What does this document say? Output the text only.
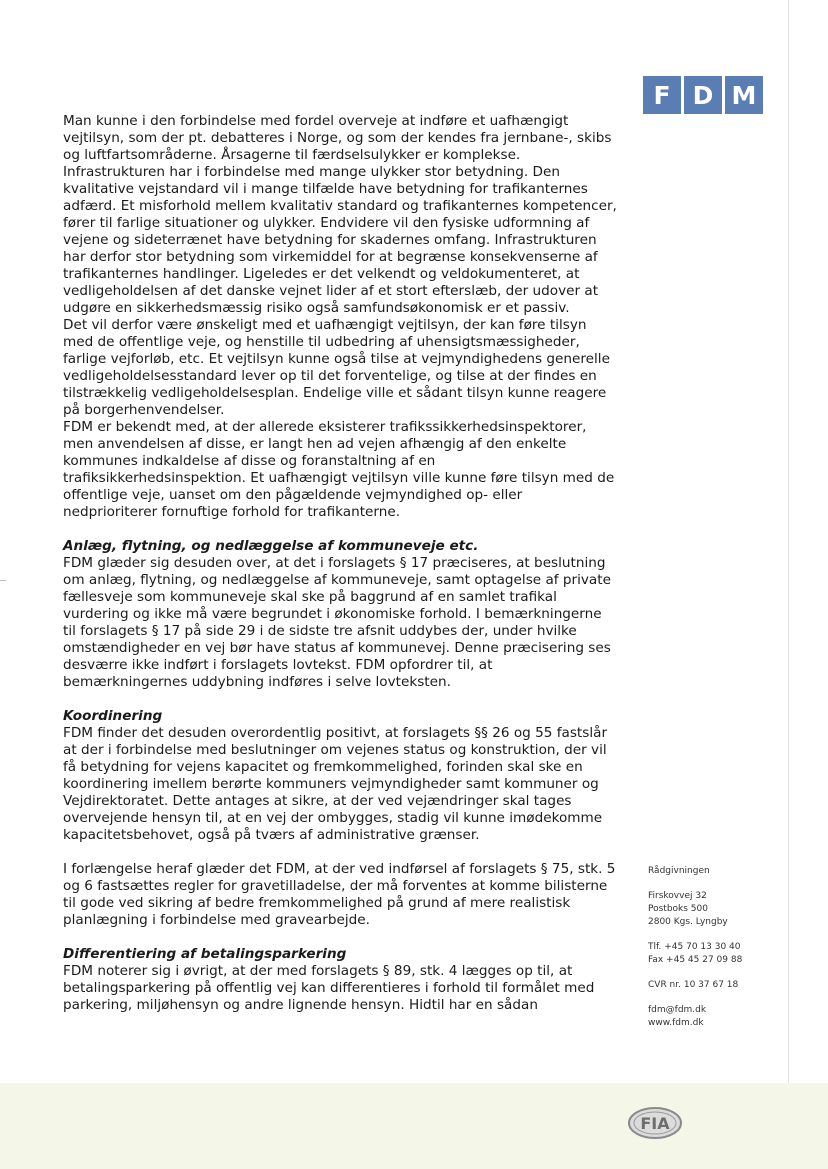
F D M

Man kunne i den forbindelse med fordel overveje at indføre et uafhængigt vejtilsyn, som der pt. debatteres i Norge, og som der kendes fra jernbane-, skibs og luftfartsområderne. Årsagerne til færdselsulykker er komplekse. Infrastrukturen har i forbindelse med mange ulykker stor betydning. Den kvalitative vejstandard vil i mange tilfælde have betydning for trafikanternes adfærd. Et misforhold mellem kvalitativ standard og trafikanternes kompetencer, fører til farlige situationer og ulykker. Endvidere vil den fysiske udformning af vejene og sideterrænet have betydning for skadernes omfang. Infrastrukturen har derfor stor betydning som virkemiddel for at begrænse konsekvenserne af trafikanternes handlinger. Ligeledes er det velkendt og veldokumenteret, at vedligeholdelsen af det danske vejnet lider af et stort efterslæb, der udover at udgøre en sikkerhedsmæssig risiko også samfundsøkonomisk er et passiv.

Det vil derfor være ønskeligt med et uafhængigt vejtilsyn, der kan føre tilsyn med de offentlige veje, og henstille til udbedring af uhensigtsmæssigheder, farlige vejforløb, etc. Et vejtilsyn kunne også tilse at vejmyndighedens generelle vedligeholdelsesstandard lever op til det forventelige, og tilse at der findes en tilstrækkelig vedligeholdelsesplan. Endelige ville et sådant tilsyn kunne reagere på borgerhenvendelser.

FDM er bekendt med, at der allerede eksisterer trafikssikkerhedsinspektorer, men anvendelsen af disse, er langt hen ad vejen afhængig af den enkelte kommunes indkaldelse af disse og foranstaltning af en trafiksikkerhedsinspektion. Et uafhængigt vejtilsyn ville kunne føre tilsyn med de offentlige veje, uanset om den pågældende vejmyndighed op- eller nedprioriterer fornuftige forhold for trafikanterne.

Anlæg, flytning, og nedlæggelse af kommuneveje etc.

FDM glæder sig desuden over, at det i forslagets § 17 præciseres, at beslutning om anlæg, flytning, og nedlæggelse af kommuneveje, samt optagelse af private fællesveje som kommuneveje skal ske på baggrund af en samlet trafikal vurdering og ikke må være begrundet i økonomiske forhold. I bemærkningerne til forslagets § 17 på side 29 i de sidste tre afsnit uddybes der, under hvilke omstændigheder en vej bør have status af kommunevej. Denne præcisering ses desværre ikke indført i forslagets lovtekst. FDM opfordrer til, at bemærkningernes uddybning indføres i selve lovteksten.

Koordinering

FDM finder det desuden overordentlig positivt, at forslagets §§ 26 og 55 fastslår at der i forbindelse med beslutninger om vejenes status og konstruktion, der vil få betydning for vejens kapacitet og fremkommelighed, forinden skal ske en koordinering imellem berørte kommuners vejmyndigheder samt kommuner og Vejdirektoratet. Dette antages at sikre, at der ved vejændringer skal tages overvejende hensyn til, at en vej der ombygges, stadig vil kunne imødekomme kapacitetsbehovet, også på tværs af administrative grænser.

I forlængelse heraf glæder det FDM, at der ved indførsel af forslagets § 75, stk. 5 og 6 fastsættes regler for gravetilladelse, der må forventes at komme bilisterne til gode ved sikring af bedre fremkommelighed på grund af mere realistisk planlægning i forbindelse med gravearbejde.

Differentiering af betalingsparkering

FDM noterer sig i øvrigt, at der med forslagets § 89, stk. 4 lægges op til, at betalingsparkering på offentlig vej kan differentieres i forhold til formålet med parkering, miljøhensyn og andre lignende hensyn. Hidtil har en sådan

Rådgivningen
Firskovvej 32
Postboks 500
2800 Kgs. Lyngby
Tlf. +45 70 13 30 40
Fax +45 45 27 09 88
CVR nr. 10 37 67 18
fdm@fdm.dk
www.fdm.dk
FIA
